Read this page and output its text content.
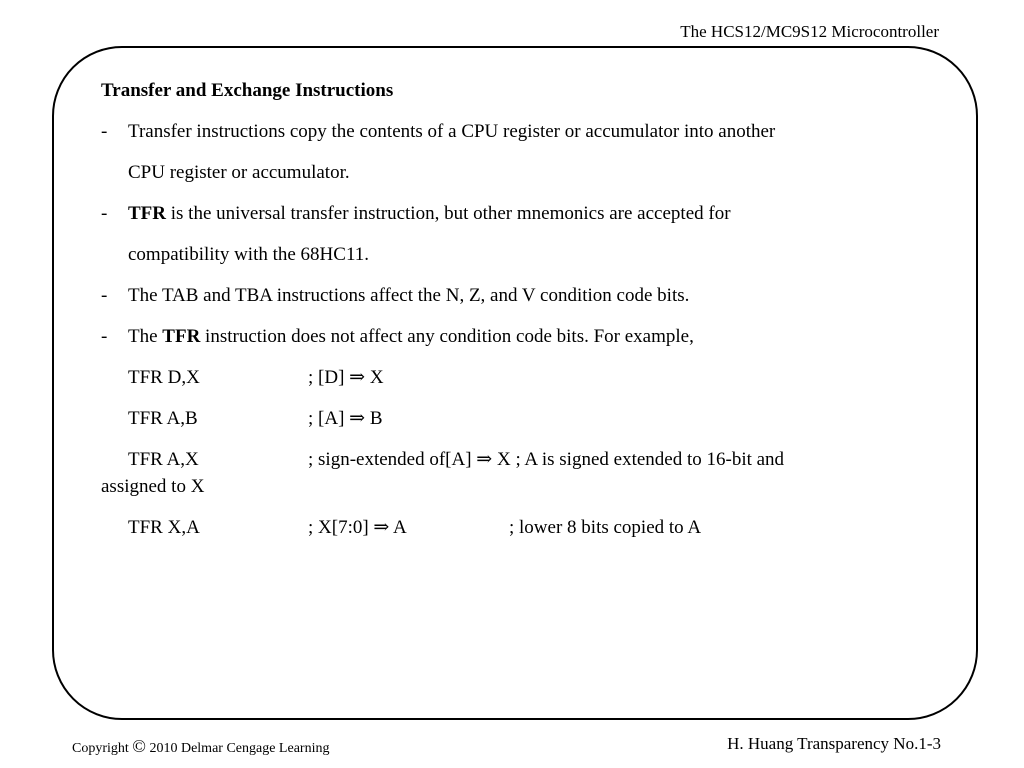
The HCS12/MC9S12 Microcontroller
Transfer and Exchange Instructions
- Transfer instructions copy the contents of a CPU register or accumulator into another
CPU register or accumulator.
- TFR is the universal transfer instruction, but other mnemonics are accepted for
compatibility with the 68HC11.
- The TAB and TBA instructions affect the N, Z, and V condition code bits.
- The TFR instruction does not affect any condition code bits. For example,
TFR D,X	; [D] ⇒ X
TFR A,B	; [A] ⇒ B
TFR A,X	; sign-extended of[A] ⇒ X ; A is signed extended to 16-bit and
assigned to X
TFR X,A	; X[7:0] ⇒ A	; lower 8 bits copied to A
Copyright © 2010 Delmar Cengage Learning	H. Huang Transparency No.1-3
